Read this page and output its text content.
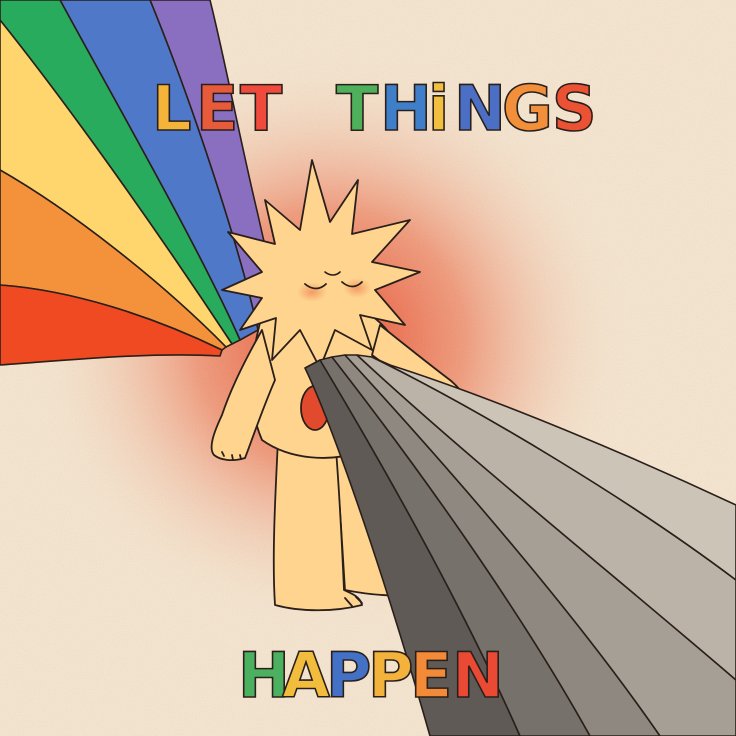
L E T T H
i N
G S
H
A
P
P
E N
